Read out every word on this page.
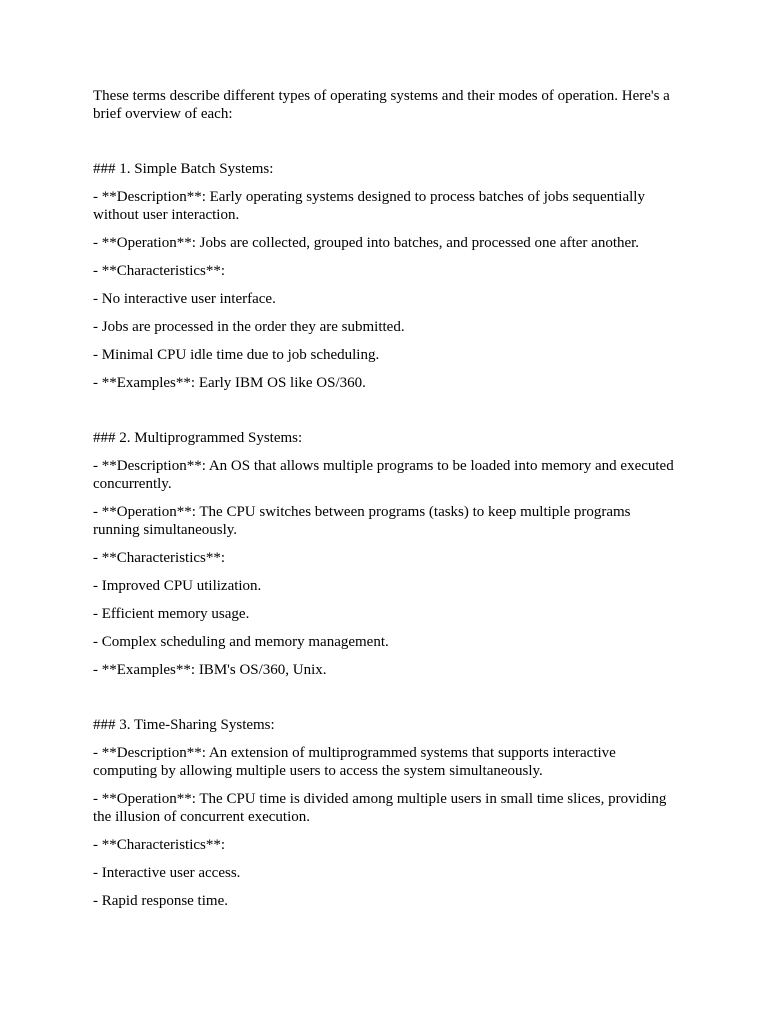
These terms describe different types of operating systems and their modes of operation. Here's a brief overview of each:

### 1. Simple Batch Systems:

- **Description**: Early operating systems designed to process batches of jobs sequentially without user interaction.

- **Operation**: Jobs are collected, grouped into batches, and processed one after another.

- **Characteristics**:

- No interactive user interface.

- Jobs are processed in the order they are submitted.

- Minimal CPU idle time due to job scheduling.

- **Examples**: Early IBM OS like OS/360.

### 2. Multiprogrammed Systems:

- **Description**: An OS that allows multiple programs to be loaded into memory and executed concurrently.

- **Operation**: The CPU switches between programs (tasks) to keep multiple programs running simultaneously.

- **Characteristics**:

- Improved CPU utilization.

- Efficient memory usage.

- Complex scheduling and memory management.

- **Examples**: IBM's OS/360, Unix.

### 3. Time-Sharing Systems:

- **Description**: An extension of multiprogrammed systems that supports interactive computing by allowing multiple users to access the system simultaneously.

- **Operation**: The CPU time is divided among multiple users in small time slices, providing the illusion of concurrent execution.

- **Characteristics**:

- Interactive user access.

- Rapid response time.
